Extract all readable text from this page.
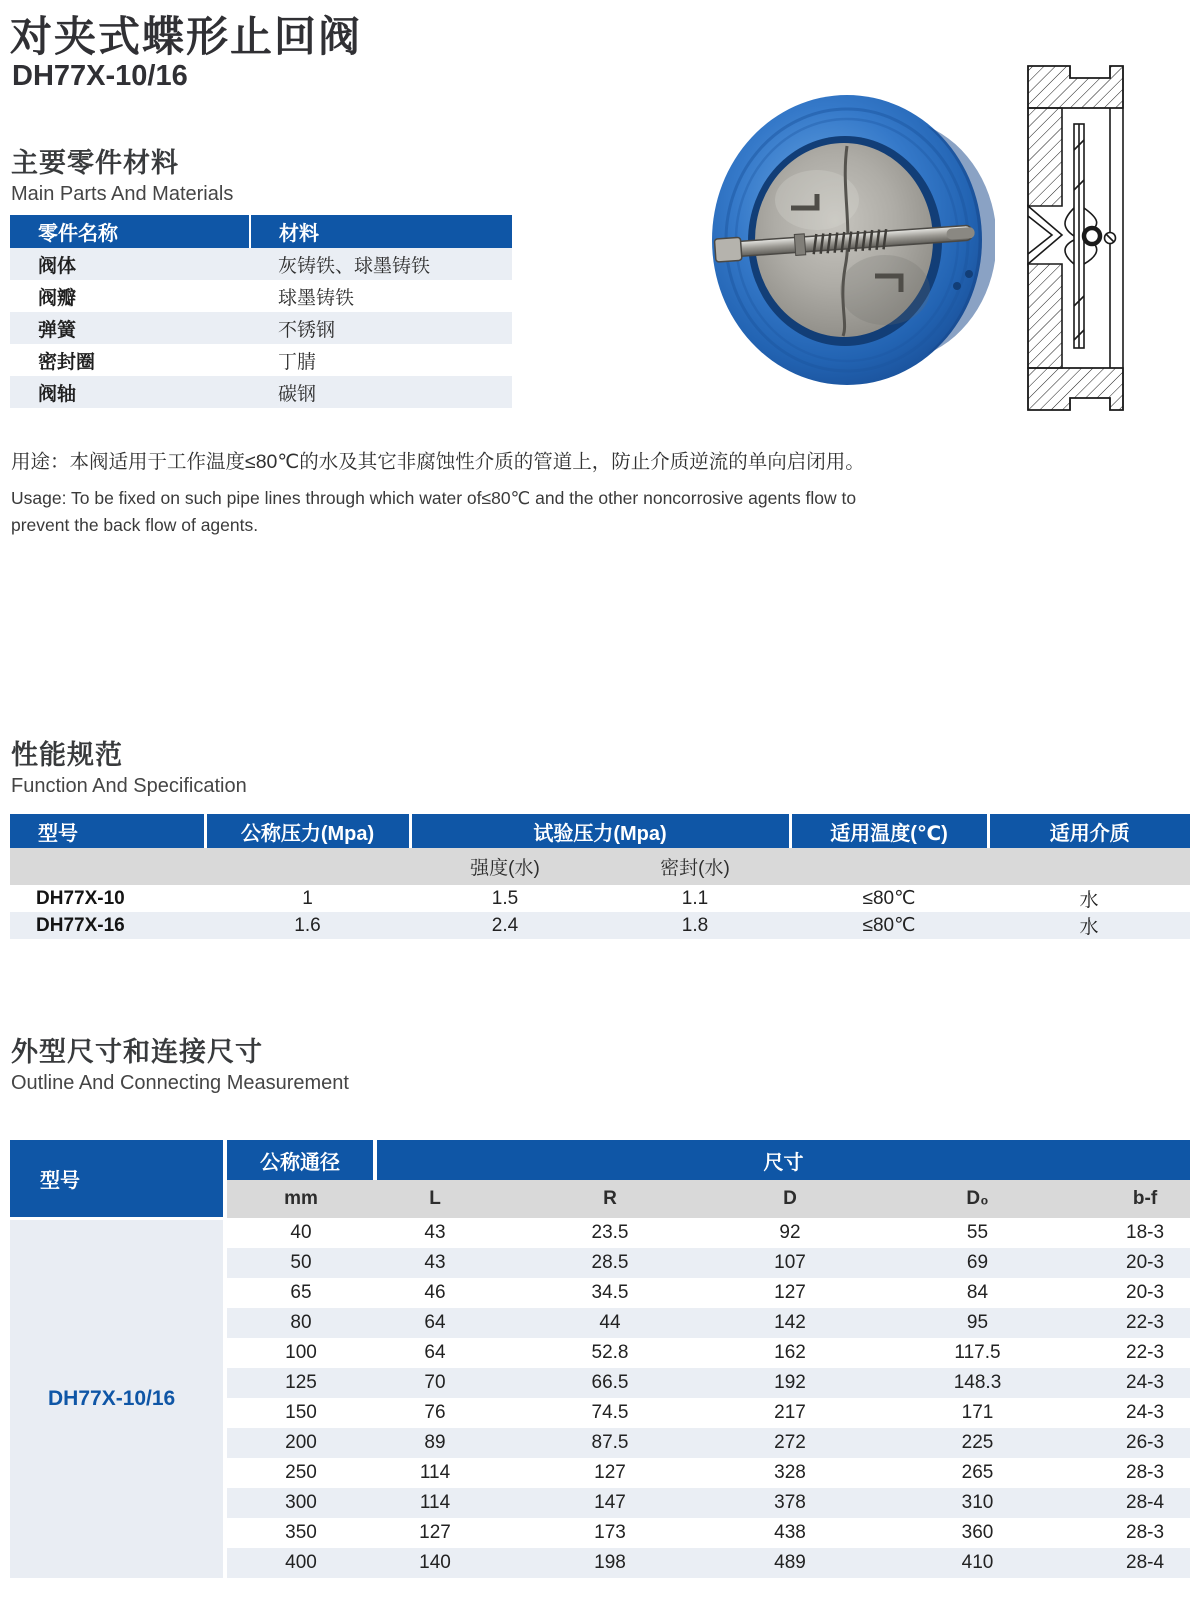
对夹式蝶形止回阀
DH77X-10/16
主要零件材料
Main Parts And Materials
零件名称	材料
阀体	灰铸铁、球墨铸铁
阀瓣	球墨铸铁
弹簧	不锈钢
密封圈	丁腈
阀轴	碳钢
用途：本阀适用于工作温度≤80℃的水及其它非腐蚀性介质的管道上，防止介质逆流的单向启闭用。
Usage: To be fixed on such pipe lines through which water of≤80℃ and the other noncorrosive agents flow to prevent the back flow of agents.
性能规范
Function And Specification
型号	公称压力(Mpa)	试验压力(Mpa)		适用温度(℃)	适用介质
		强度(水)	密封(水)		
DH77X-10	1	1.5	1.1	≤80℃	水
DH77X-16	1.6	2.4	1.8	≤80℃	水
外型尺寸和连接尺寸
Outline And Connecting Measurement
型号	公称通径	尺寸				
	mm	L	R	D	D₀	b-f
DH77X-10/16	40	43	23.5	92	55	18-3
	50	43	28.5	107	69	20-3
	65	46	34.5	127	84	20-3
	80	64	44	142	95	22-3
	100	64	52.8	162	117.5	22-3
	125	70	66.5	192	148.3	24-3
	150	76	74.5	217	171	24-3
	200	89	87.5	272	225	26-3
	250	114	127	328	265	28-3
	300	114	147	378	310	28-4
	350	127	173	438	360	28-3
	400	140	198	489	410	28-4
